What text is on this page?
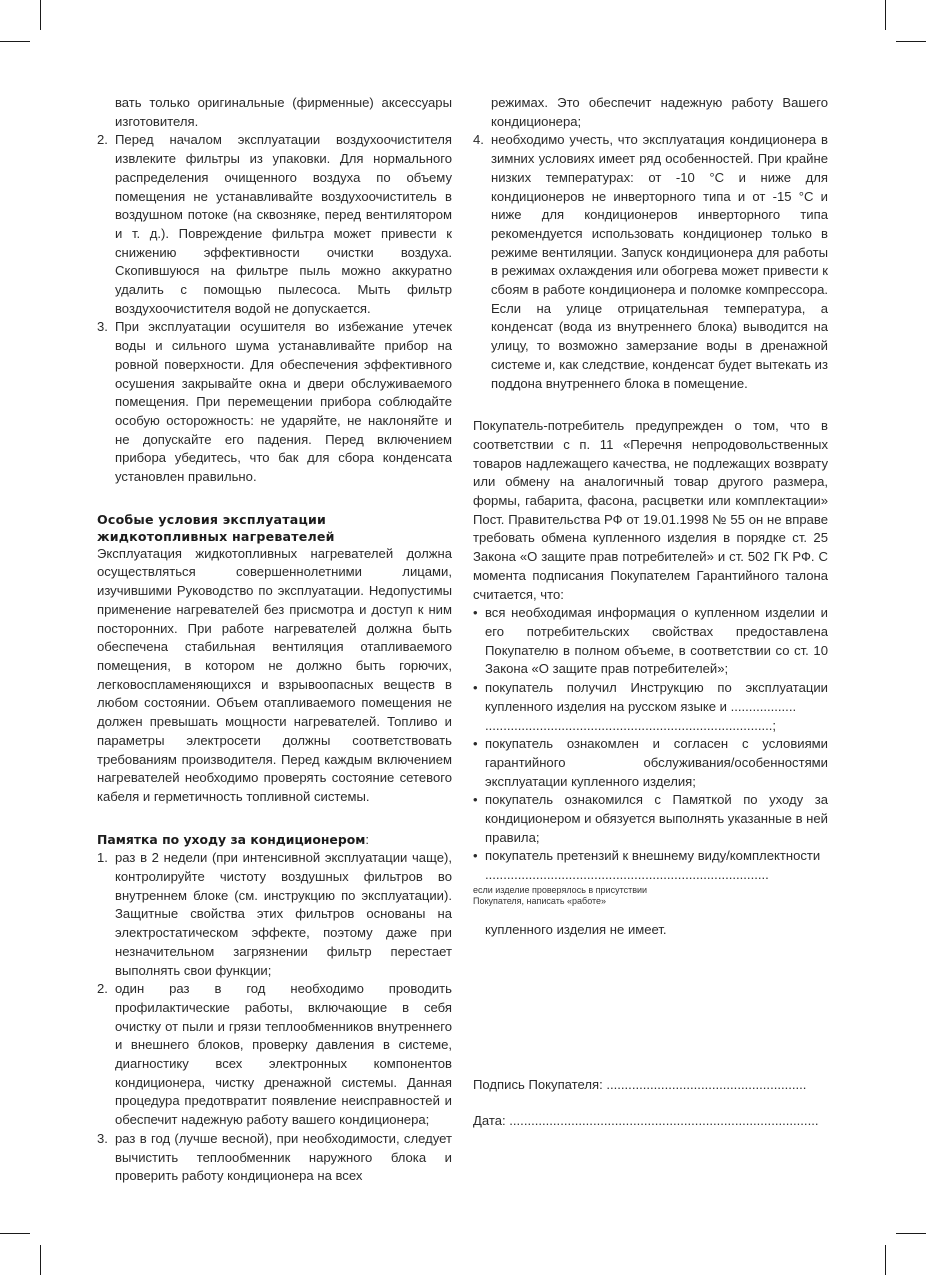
вать только оригинальные (фирменные) аксессуары изготовителя.

2. Перед началом эксплуатации воздухоочистителя извлеките фильтры из упаковки. Для нормального распределения очищенного воздуха по объему помещения не устанавливайте воздухоочиститель в воздушном потоке (на сквозняке, перед вентилятором и т. д.). Повреждение фильтра может привести к снижению эффективности очистки воздуха. Скопившуюся на фильтре пыль можно аккуратно удалить с помощью пылесоса. Мыть фильтр воздухоочистителя водой не допускается.
3. При эксплуатации осушителя во избежание утечек воды и сильного шума устанавливайте прибор на ровной поверхности. Для обеспечения эффективного осушения закрывайте окна и двери обслуживаемого помещения. При перемещении прибора соблюдайте особую осторожность: не ударяйте, не наклоняйте и не допускайте его падения. Перед включением прибора убедитесь, что бак для сбора конденсата установлен правильно.
Особые условия эксплуатации жидкотопливных нагревателей

Эксплуатация жидкотопливных нагревателей должна осуществляться совершеннолетними лицами, изучившими Руководство по эксплуатации. Недопустимы применение нагревателей без присмотра и доступ к ним посторонних. При работе нагревателей должна быть обеспечена стабильная вентиляция отапливаемого помещения, в котором не должно быть горючих, легковоспламеняющихся и взрывоопасных веществ в любом состоянии. Объем отапливаемого помещения не должен превышать мощности нагревателей. Топливо и параметры электросети должны соответствовать требованиям производителя. Перед каждым включением нагревателей необходимо проверять состояние сетевого кабеля и герметичность топливной системы.

Памятка по уходу за кондиционером:
1. раз в 2 недели (при интенсивной эксплуатации чаще), контролируйте чистоту воздушных фильтров во внутреннем блоке (см. инструкцию по эксплуатации). Защитные свойства этих фильтров основаны на электростатическом эффекте, поэтому даже при незначительном загрязнении фильтр перестает выполнять свои функции;
2. один раз в год необходимо проводить профилактические работы, включающие в себя очистку от пыли и грязи теплообменников внутреннего и внешнего блоков, проверку давления в системе, диагностику всех электронных компонентов кондиционера, чистку дренажной системы. Данная процедура предотвратит появление неисправностей и обеспечит надежную работу вашего кондиционера;
3. раз в год (лучше весной), при необходимости, следует вычистить теплообменник наружного блока и проверить работу кондиционера на всех

режимах. Это обеспечит надежную работу Вашего кондиционера;

4. необходимо учесть, что эксплуатация кондиционера в зимних условиях имеет ряд особенностей. При крайне низких температурах: от -10 °С и ниже для кондиционеров не инверторного типа и от -15 °С и ниже для кондиционеров инверторного типа рекомендуется использовать кондиционер только в режиме вентиляции. Запуск кондиционера для работы в режимах охлаждения или обогрева может привести к сбоям в работе кондиционера и поломке компрессора. Если на улице отрицательная температура, а конденсат (вода из внутреннего блока) выводится на улицу, то возможно замерзание воды в дренажной системе и, как следствие, конденсат будет вытекать из поддона внутреннего блока в помещение.

Покупатель-потребитель предупрежден о том, что в соответствии с п. 11 «Перечня непродовольственных товаров надлежащего качества, не подлежащих возврату или обмену на аналогичный товар другого размера, формы, габарита, фасона, расцветки или комплектации» Пост. Правительства РФ от 19.01.1998 № 55 он не вправе требовать обмена купленного изделия в порядке ст. 25 Закона «О защите прав потребителей» и ст. 502 ГК РФ. С момента подписания Покупателем Гарантийного талона считается, что:

• вся необходимая информация о купленном изделии и его потребительских свойствах предоставлена Покупателю в полном объеме, в соответствии со ст. 10 Закона «О защите прав потребителей»;
• покупатель получил Инструкцию по эксплуатации купленного изделия на русском языке и ..................
...............................................................................;
• покупатель ознакомлен и согласен с условиями гарантийного обслуживания/особенностями эксплуатации купленного изделия;
• покупатель ознакомился с Памяткой по уходу за кондиционером и обязуется выполнять указанные в ней правила;
• покупатель претензий к внешнему виду/комплектности ..............................................................................

если изделие проверялось в присутствии

Покупателя, написать «работе»

купленного изделия не имеет.

Подпись Покупателя: .......................................................
Дата: .....................................................................................
